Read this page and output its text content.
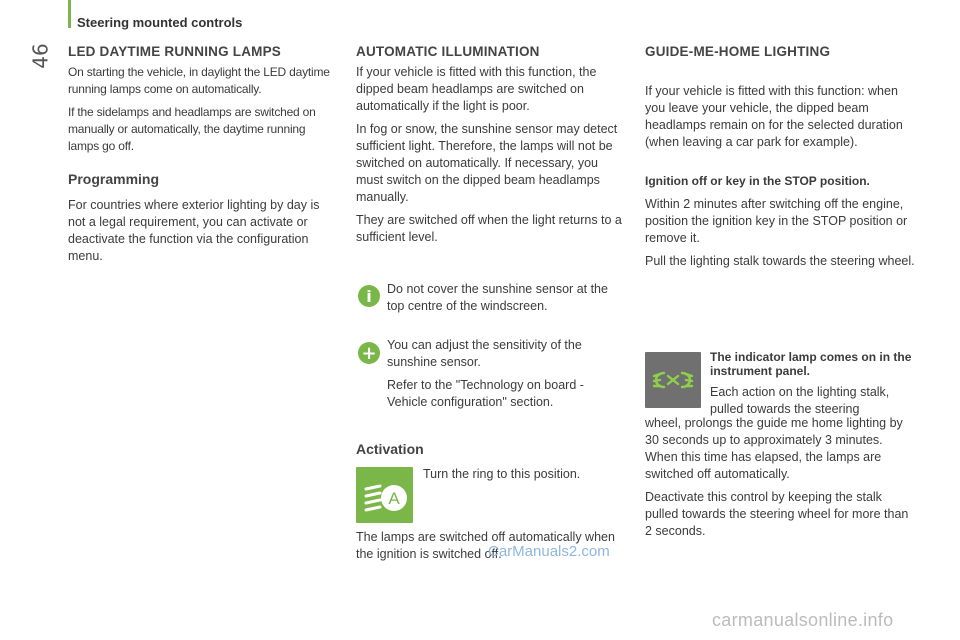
Steering mounted controls
46 LED DAYTIME RUNNING LAMPS

On starting the vehicle, in daylight the LED daytime running lamps come on automatically.

If the sidelamps and headlamps are switched on manually or automatically, the daytime running lamps go off.

Programming

For countries where exterior lighting by day is not a legal requirement, you can activate or deactivate the function via the configuration menu.

AUTOMATIC ILLUMINATION

If your vehicle is fitted with this function, the dipped beam headlamps are switched on automatically if the light is poor.

In fog or snow, the sunshine sensor may detect sufficient light. Therefore, the lamps will not be switched on automatically. If necessary, you must switch on the dipped beam headlamps manually.

They are switched off when the light returns to a sufficient level.

i	Do not cover the sunshine sensor at the top centre of the windscreen.

+ You can adjust the sensitivity of the sunshine sensor.

Refer to the "Technology on board - Vehicle configuration" section.

Activation
A

Turn the ring to this position.

The lamps are switched off automatically when the ignition is switched off.

GUIDE-ME-HOME LIGHTING

If your vehicle is fitted with this function: when you leave your vehicle, the dipped beam headlamps remain on for the selected duration (when leaving a car park for example).

Ignition off or key in the STOP position.

Within 2 minutes after switching off the engine, position the ignition key in the STOP position or remove it.

Pull the lighting stalk towards the steering wheel.

The indicator lamp comes on in the instrument panel.

Each action on the lighting stalk, pulled towards the steering

wheel, prolongs the guide me home lighting by 30 seconds up to approximately 3 minutes. When this time has elapsed, the lamps are switched off automatically.

Deactivate this control by keeping the stalk pulled towards the steering wheel for more than 2 seconds.

CarManuals2.com
carmanualsonline.info
